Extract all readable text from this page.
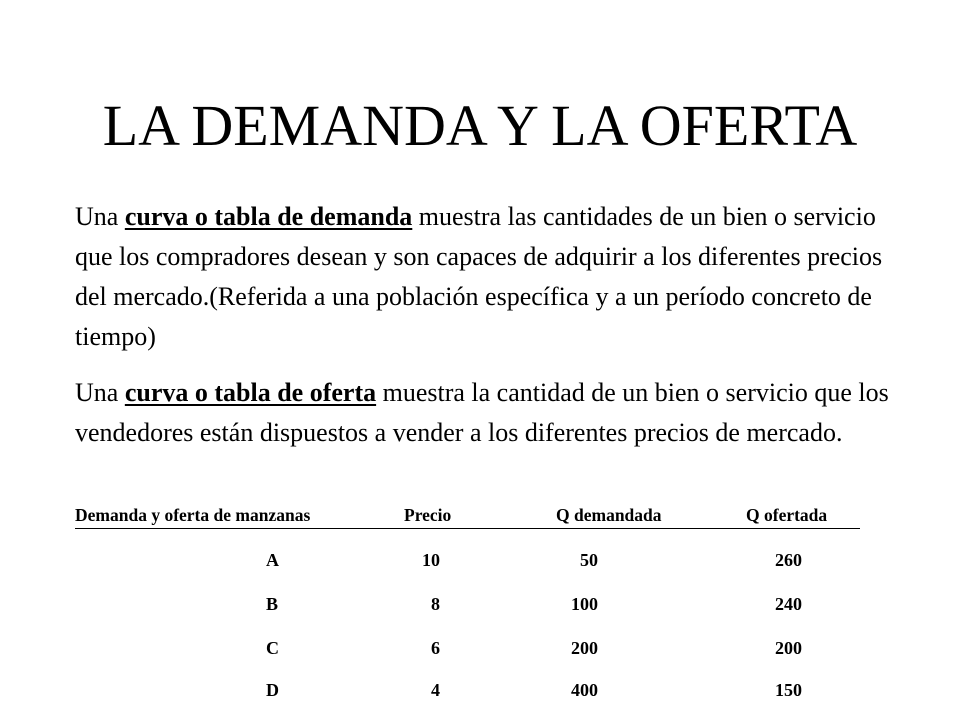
LA DEMANDA Y LA OFERTA

Una curva o tabla de demanda muestra las cantidades de un bien o servicio que los compradores desean y son capaces de adquirir a los diferentes precios del mercado.(Referida a una población específica y a un período concreto de tiempo)

Una curva o tabla de oferta muestra la cantidad de un bien o servicio que los vendedores están dispuestos a vender a los diferentes precios de mercado.

Demanda y oferta de manzanas	Precio	Q demandada	Q ofertada
A	10	50	260
B	8	100	240
C	6	200	200
D	4	400	150
